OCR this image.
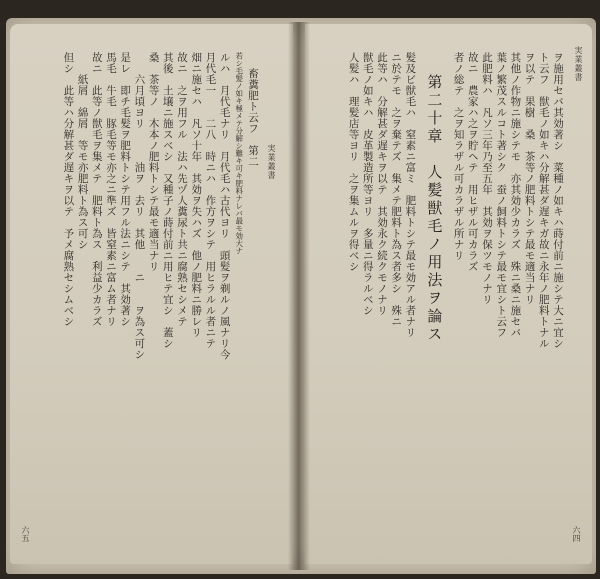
実業叢書
畜糞肥ト云フ　第二
若シ毛髪ノ如キ極メテ分解シ難キ可キ肥料ナレバ最モ効大ナ
ルハ　月代毛ナリ　月代毛ハ古代ヨリ　頭髪ヲ剃ルノ風ナリ今
月代毛一　　二八　時ニハ　作方ヲシテ　用ヒラルル者ニテ
畑ニ施セハ　凡ソ十年　其効ヲ失ハズ　他ノ肥料ニ勝レリ
故ニ　之ヲ用フル　法ハ先ヅ人糞尿ト共ニ腐熟セシメテ
其後　土壌ニ施スベシ　又種子ノ蒔付前ニ用ヒテ宜シ　蓋シ
桑　茶等ノ　木本ノ肥料トシテ最モ適当ナリ
六月頃ヨリ　　　油ヲ　去リ　其他　　ニ　　ヲ為ス可シ
是レ　即チ毛髪ヲ肥料トシテ用フル法ニシテ　其効著シ
馬毛　牛毛　豚毛等モ亦之ニ準ズ　皆窒素ニ富ム者ナリ
故ニ　此等ノ獣毛ヲ集メテ　肥料ト為ス　利益少カラズ
紙屑　綿屑　等モ亦肥料ト為ス可シ
但シ　此等ハ分解甚ダ遅キヲ以テ　予メ腐熟セシムベシ
六五
実業叢書
ヲ施用セバ其効著シ　菜種ノ如キハ蒔付前ニ施シテ大ニ宜シ
ト云フ　獣毛ノ如キハ分解甚ダ遅キガ故ニ永年ノ肥料トナル
ヲ以テ　果樹　桑　茶等ノ肥料トシテ最モ適当ナリ
其他ノ作物ニ施シテモ　亦其効少カラズ　殊ニ桑ニ施セバ
葉ノ繁茂スルコト著シク　蚕ノ飼料トシテ最モ宜シト云フ
此肥料ハ　凡ソ三年乃至五年　其効ヲ保ツモノナリ
故ニ　農家ハ之ヲ貯ヘテ　用ヒザル可カラズ
者ノ総テ　之ヲ知ラザル可カラザル所ナリ
第二十章　人髪獣毛ノ用法ヲ論ス
髪及ビ獣毛ハ　窒素ニ富ミ　肥料トシテ最モ効アル者ナリ
ニ於テモ　之ヲ棄テズ　集メテ肥料ト為ス者多シ　殊ニ
此等ハ　分解甚ダ遅キヲ以テ　其効永ク続クモノナリ
獣毛ノ如キハ　皮革製造所等ヨリ　多量ニ得ラルベシ
人髪ハ　理髪店等ヨリ　之ヲ集ムルヲ得ベシ
六四
